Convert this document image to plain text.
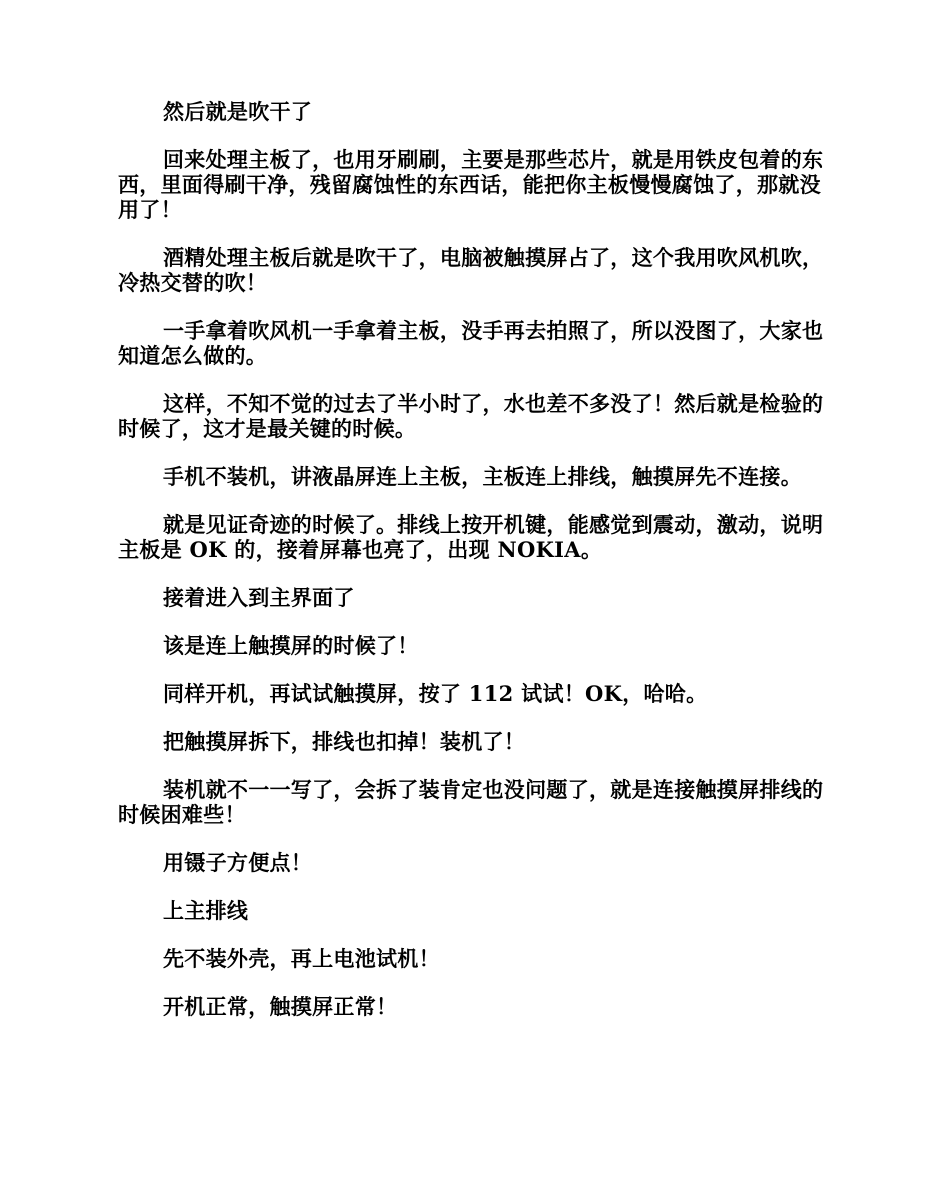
然后就是吹干了

回来处理主板了，也用牙刷刷，主要是那些芯片，就是用铁皮包着的东西，里面得刷干净，残留腐蚀性的东西话，能把你主板慢慢腐蚀了，那就没用了！

酒精处理主板后就是吹干了，电脑被触摸屏占了，这个我用吹风机吹，冷热交替的吹！

一手拿着吹风机一手拿着主板，没手再去拍照了，所以没图了，大家也知道怎么做的。

这样，不知不觉的过去了半小时了，水也差不多没了！然后就是检验的时候了，这才是最关键的时候。

手机不装机，讲液晶屏连上主板，主板连上排线，触摸屏先不连接。

就是见证奇迹的时候了。排线上按开机键，能感觉到震动，激动，说明主板是 OK 的，接着屏幕也亮了，出现 NOKIA。

接着进入到主界面了

该是连上触摸屏的时候了！

同样开机，再试试触摸屏，按了 112 试试！OK，哈哈。

把触摸屏拆下，排线也扣掉！装机了！

装机就不一一写了，会拆了装肯定也没问题了，就是连接触摸屏排线的时候困难些！

用镊子方便点！

上主排线

先不装外壳，再上电池试机！

开机正常，触摸屏正常！
